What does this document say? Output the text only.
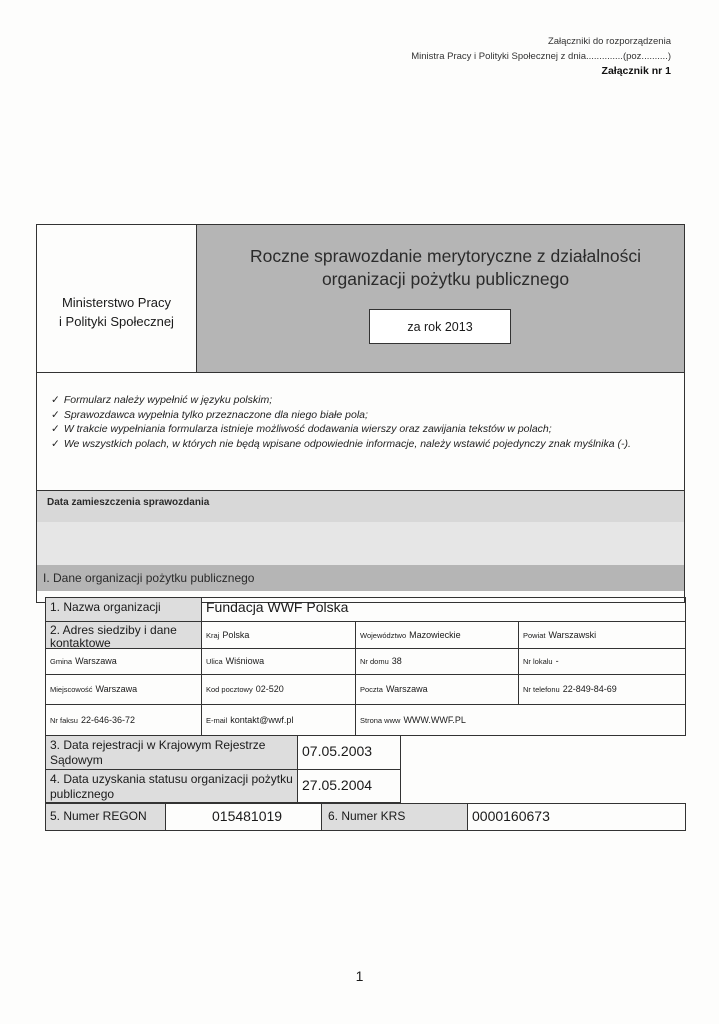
Załączniki do rozporządzenia
Ministra Pracy i Polityki Społecznej z dnia..............(poz..........)
Załącznik nr 1
Ministerstwo Pracy
i Polityki Społecznej
Roczne sprawozdanie merytoryczne z działalności
organizacji pożytku publicznego
za rok 2013
✓ Formularz należy wypełnić w języku polskim;
✓ Sprawozdawca wypełnia tylko przeznaczone dla niego białe pola;
✓ W trakcie wypełniania formularza istnieje możliwość dodawania wierszy oraz zawijania tekstów w polach;
✓ We wszystkich polach, w których nie będą wpisane odpowiednie informacje, należy wstawić pojedynczy znak myślnika (-).
Data zamieszczenia sprawozdania
I. Dane organizacji pożytku publicznego
1. Nazwa organizacji	Fundacja WWF Polska
2. Adres siedziby i dane kontaktowe
Kraj Polska	Województwo Mazowieckie	Powiat Warszawski
Gmina Warszawa	Ulica Wiśniowa	Nr domu 38	Nr lokalu -
Miejscowość Warszawa	Kod pocztowy 02-520	Poczta Warszawa	Nr telefonu 22-849-84-69
Nr faksu 22-646-36-72	E-mail kontakt@wwf.pl	Strona www WWW.WWF.PL
3. Data rejestracji w Krajowym Rejestrze Sądowym
07.05.2003
4. Data uzyskania statusu organizacji pożytku publicznego
27.05.2004
5. Numer REGON	015481019	6. Numer KRS	0000160673
1
